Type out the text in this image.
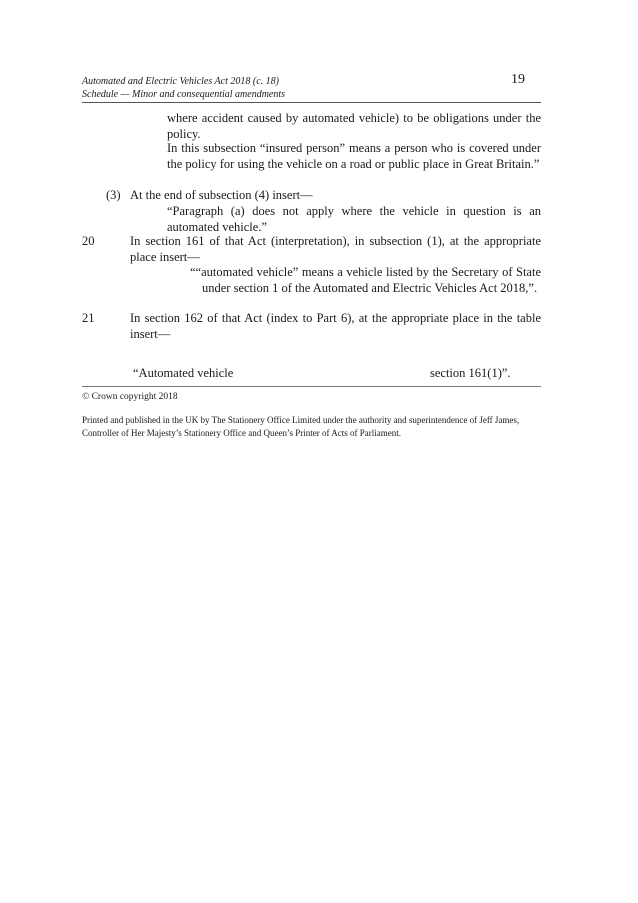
Automated and Electric Vehicles Act 2018 (c. 18)
Schedule — Minor and consequential amendments
19
where accident caused by automated vehicle) to be obligations under the policy.
In this subsection “insured person” means a person who is covered under the policy for using the vehicle on a road or public place in Great Britain.”
(3) At the end of subsection (4) insert—
“Paragraph (a) does not apply where the vehicle in question is an automated vehicle.”
20	In section 161 of that Act (interpretation), in subsection (1), at the appropriate place insert—
““automated vehicle” means a vehicle listed by the Secretary of State under section 1 of the Automated and Electric Vehicles Act 2018,”.
21	In section 162 of that Act (index to Part 6), at the appropriate place in the table insert—
“Automated vehicle	section 161(1)”.
© Crown copyright 2018
Printed and published in the UK by The Stationery Office Limited under the authority and superintendence of Jeff James, Controller of Her Majesty’s Stationery Office and Queen’s Printer of Acts of Parliament.
